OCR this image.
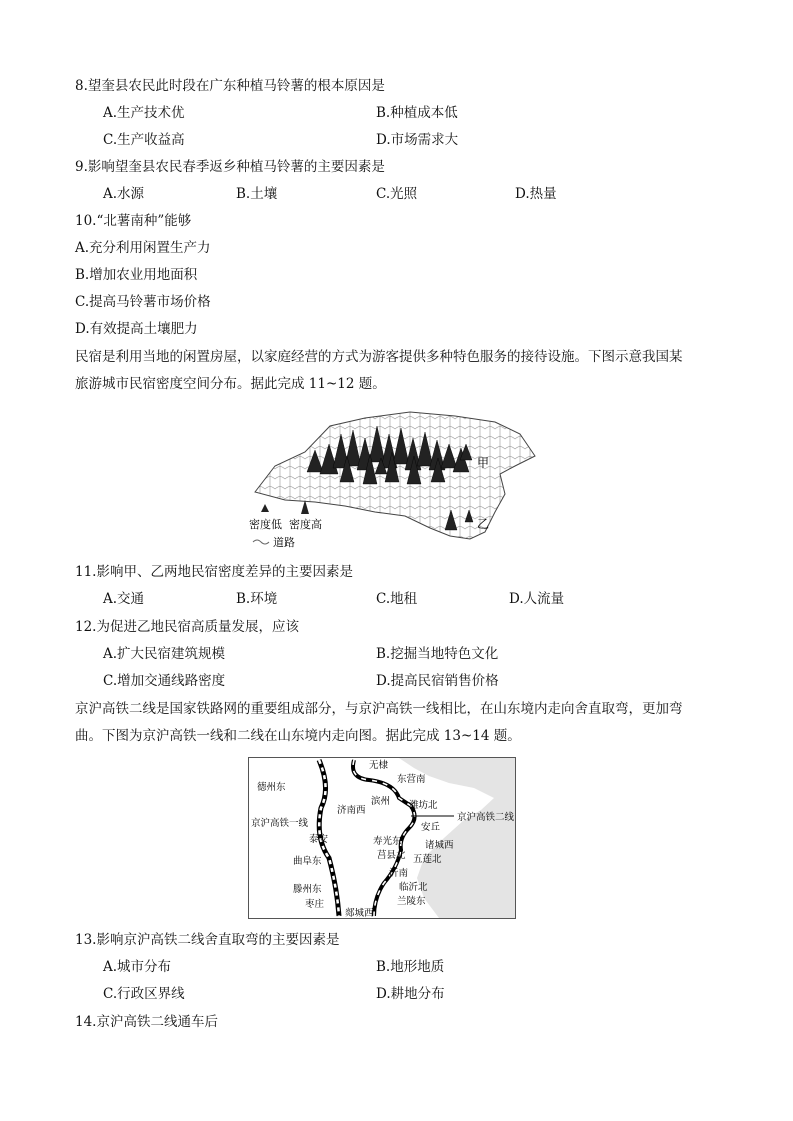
8.望奎县农民此时段在广东种植马铃薯的根本原因是
A.生产技术优	B.种植成本低
C.生产收益高	D.市场需求大
9.影响望奎县农民春季返乡种植马铃薯的主要因素是
A.水源	B.土壤	C.光照	D.热量
10.“北薯南种”能够
A.充分利用闲置生产力
B.增加农业用地面积
C.提高马铃薯市场价格
D.有效提高土壤肥力
民宿是利用当地的闲置房屋，以家庭经营的方式为游客提供多种特色服务的接待设施。下图示意我国某
旅游城市民宿密度空间分布。据此完成 11~12 题。
甲
乙
密度低 密度高
道路
11.影响甲、乙两地民宿密度差异的主要因素是
A.交通	B.环境	C.地租	D.人流量
12.为促进乙地民宿高质量发展，应该
A.扩大民宿建筑规模	B.挖掘当地特色文化
C.增加交通线路密度	D.提高民宿销售价格
京沪高铁二线是国家铁路网的重要组成部分，与京沪高铁一线相比，在山东境内走向舍直取弯，更加弯
曲。下图为京沪高铁一线和二线在山东境内走向图。据此完成 13~14 题。
无棣
东营南
德州东
滨州
济南西
京沪高铁一线
寿光东
潍坊北
京沪高铁二线
安丘
泰安
诸城西
莒县北 五莲北
曲阜东
沂南
临沂北
滕州东
兰陵东
枣庄
郯城西
13.影响京沪高铁二线舍直取弯的主要因素是
A.城市分布	B.地形地质
C.行政区界线	D.耕地分布
14.京沪高铁二线通车后
